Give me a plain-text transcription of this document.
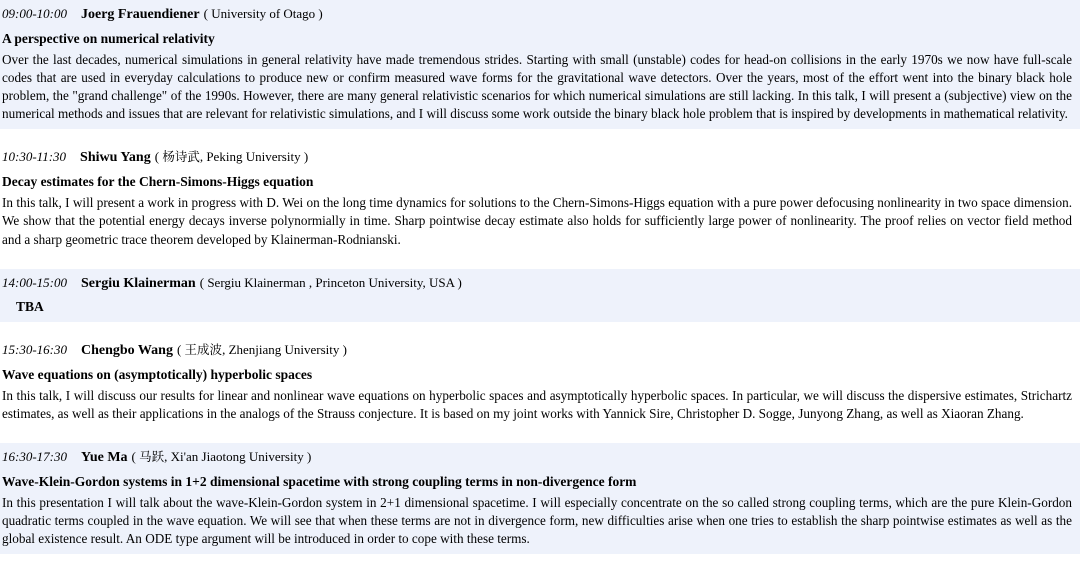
09:00-10:00 Joerg Frauendiener ( University of Otago )
A perspective on numerical relativity
Over the last decades, numerical simulations in general relativity have made tremendous strides. Starting with small (unstable) codes for head-on collisions in the early 1970s we now have full-scale codes that are used in everyday calculations to produce new or confirm measured wave forms for the gravitational wave detectors. Over the years, most of the effort went into the binary black hole problem, the "grand challenge" of the 1990s. However, there are many general relativistic scenarios for which numerical simulations are still lacking. In this talk, I will present a (subjective) view on the numerical methods and issues that are relevant for relativistic simulations, and I will discuss some work outside the binary black hole problem that is inspired by developments in mathematical relativity.
10:30-11:30 Shiwu Yang ( 杨诗武, Peking University )
Decay estimates for the Chern-Simons-Higgs equation
In this talk, I will present a work in progress with D. Wei on the long time dynamics for solutions to the Chern-Simons-Higgs equation with a pure power defocusing nonlinearity in two space dimension. We show that the potential energy decays inverse polynormially in time. Sharp pointwise decay estimate also holds for sufficiently large power of nonlinearity. The proof relies on vector field method and a sharp geometric trace theorem developed by Klainerman-Rodnianski.
14:00-15:00 Sergiu Klainerman ( Sergiu Klainerman , Princeton University, USA )
TBA
15:30-16:30 Chengbo Wang ( 王成波, Zhenjiang University )
Wave equations on (asymptotically) hyperbolic spaces
In this talk, I will discuss our results for linear and nonlinear wave equations on hyperbolic spaces and asymptotically hyperbolic spaces. In particular, we will discuss the dispersive estimates, Strichartz estimates, as well as their applications in the analogs of the Strauss conjecture. It is based on my joint works with Yannick Sire, Christopher D. Sogge, Junyong Zhang, as well as Xiaoran Zhang.
16:30-17:30 Yue Ma ( 马跃, Xi'an Jiaotong University )
Wave-Klein-Gordon systems in 1+2 dimensional spacetime with strong coupling terms in non-divergence form
In this presentation I will talk about the wave-Klein-Gordon system in 2+1 dimensional spacetime. I will especially concentrate on the so called strong coupling terms, which are the pure Klein-Gordon quadratic terms coupled in the wave equation. We will see that when these terms are not in divergence form, new difficulties arise when one tries to establish the sharp pointwise estimates as well as the global existence result. An ODE type argument will be introduced in order to cope with these terms.
